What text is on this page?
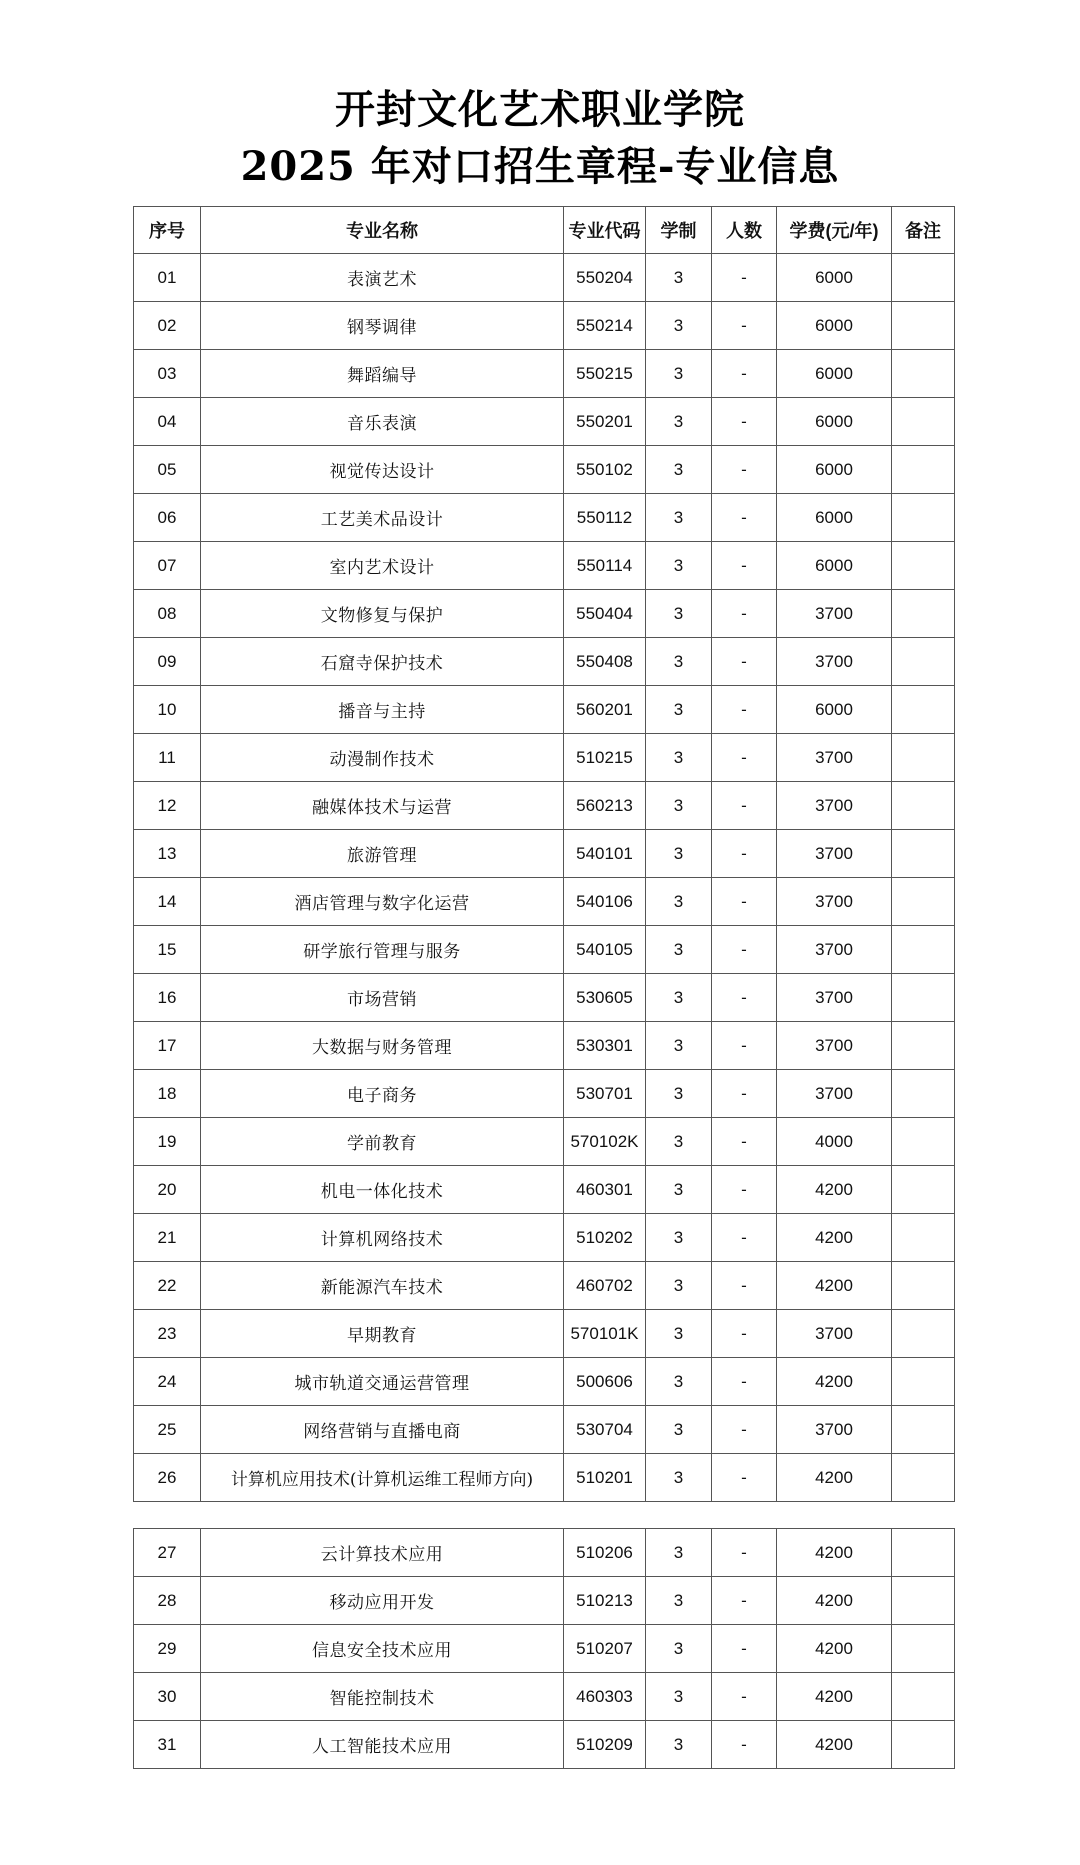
开封文化艺术职业学院
2025 年对口招生章程-专业信息
序号	专业名称	专业代码	学制	人数	学费(元/年)	备注
01	表演艺术	550204	3	-	6000	
02	钢琴调律	550214	3	-	6000	
03	舞蹈编导	550215	3	-	6000	
04	音乐表演	550201	3	-	6000	
05	视觉传达设计	550102	3	-	6000	
06	工艺美术品设计	550112	3	-	6000	
07	室内艺术设计	550114	3	-	6000	
08	文物修复与保护	550404	3	-	3700	
09	石窟寺保护技术	550408	3	-	3700	
10	播音与主持	560201	3	-	6000	
11	动漫制作技术	510215	3	-	3700	
12	融媒体技术与运营	560213	3	-	3700	
13	旅游管理	540101	3	-	3700	
14	酒店管理与数字化运营	540106	3	-	3700	
15	研学旅行管理与服务	540105	3	-	3700	
16	市场营销	530605	3	-	3700	
17	大数据与财务管理	530301	3	-	3700	
18	电子商务	530701	3	-	3700	
19	学前教育	570102K	3	-	4000	
20	机电一体化技术	460301	3	-	4200	
21	计算机网络技术	510202	3	-	4200	
22	新能源汽车技术	460702	3	-	4200	
23	早期教育	570101K	3	-	3700	
24	城市轨道交通运营管理	500606	3	-	4200	
25	网络营销与直播电商	530704	3	-	3700	
26	计算机应用技术(计算机运维工程师方向)	510201	3	-	4200	
27	云计算技术应用	510206	3	-	4200	
28	移动应用开发	510213	3	-	4200	
29	信息安全技术应用	510207	3	-	4200	
30	智能控制技术	460303	3	-	4200	
31	人工智能技术应用	510209	3	-	4200	
